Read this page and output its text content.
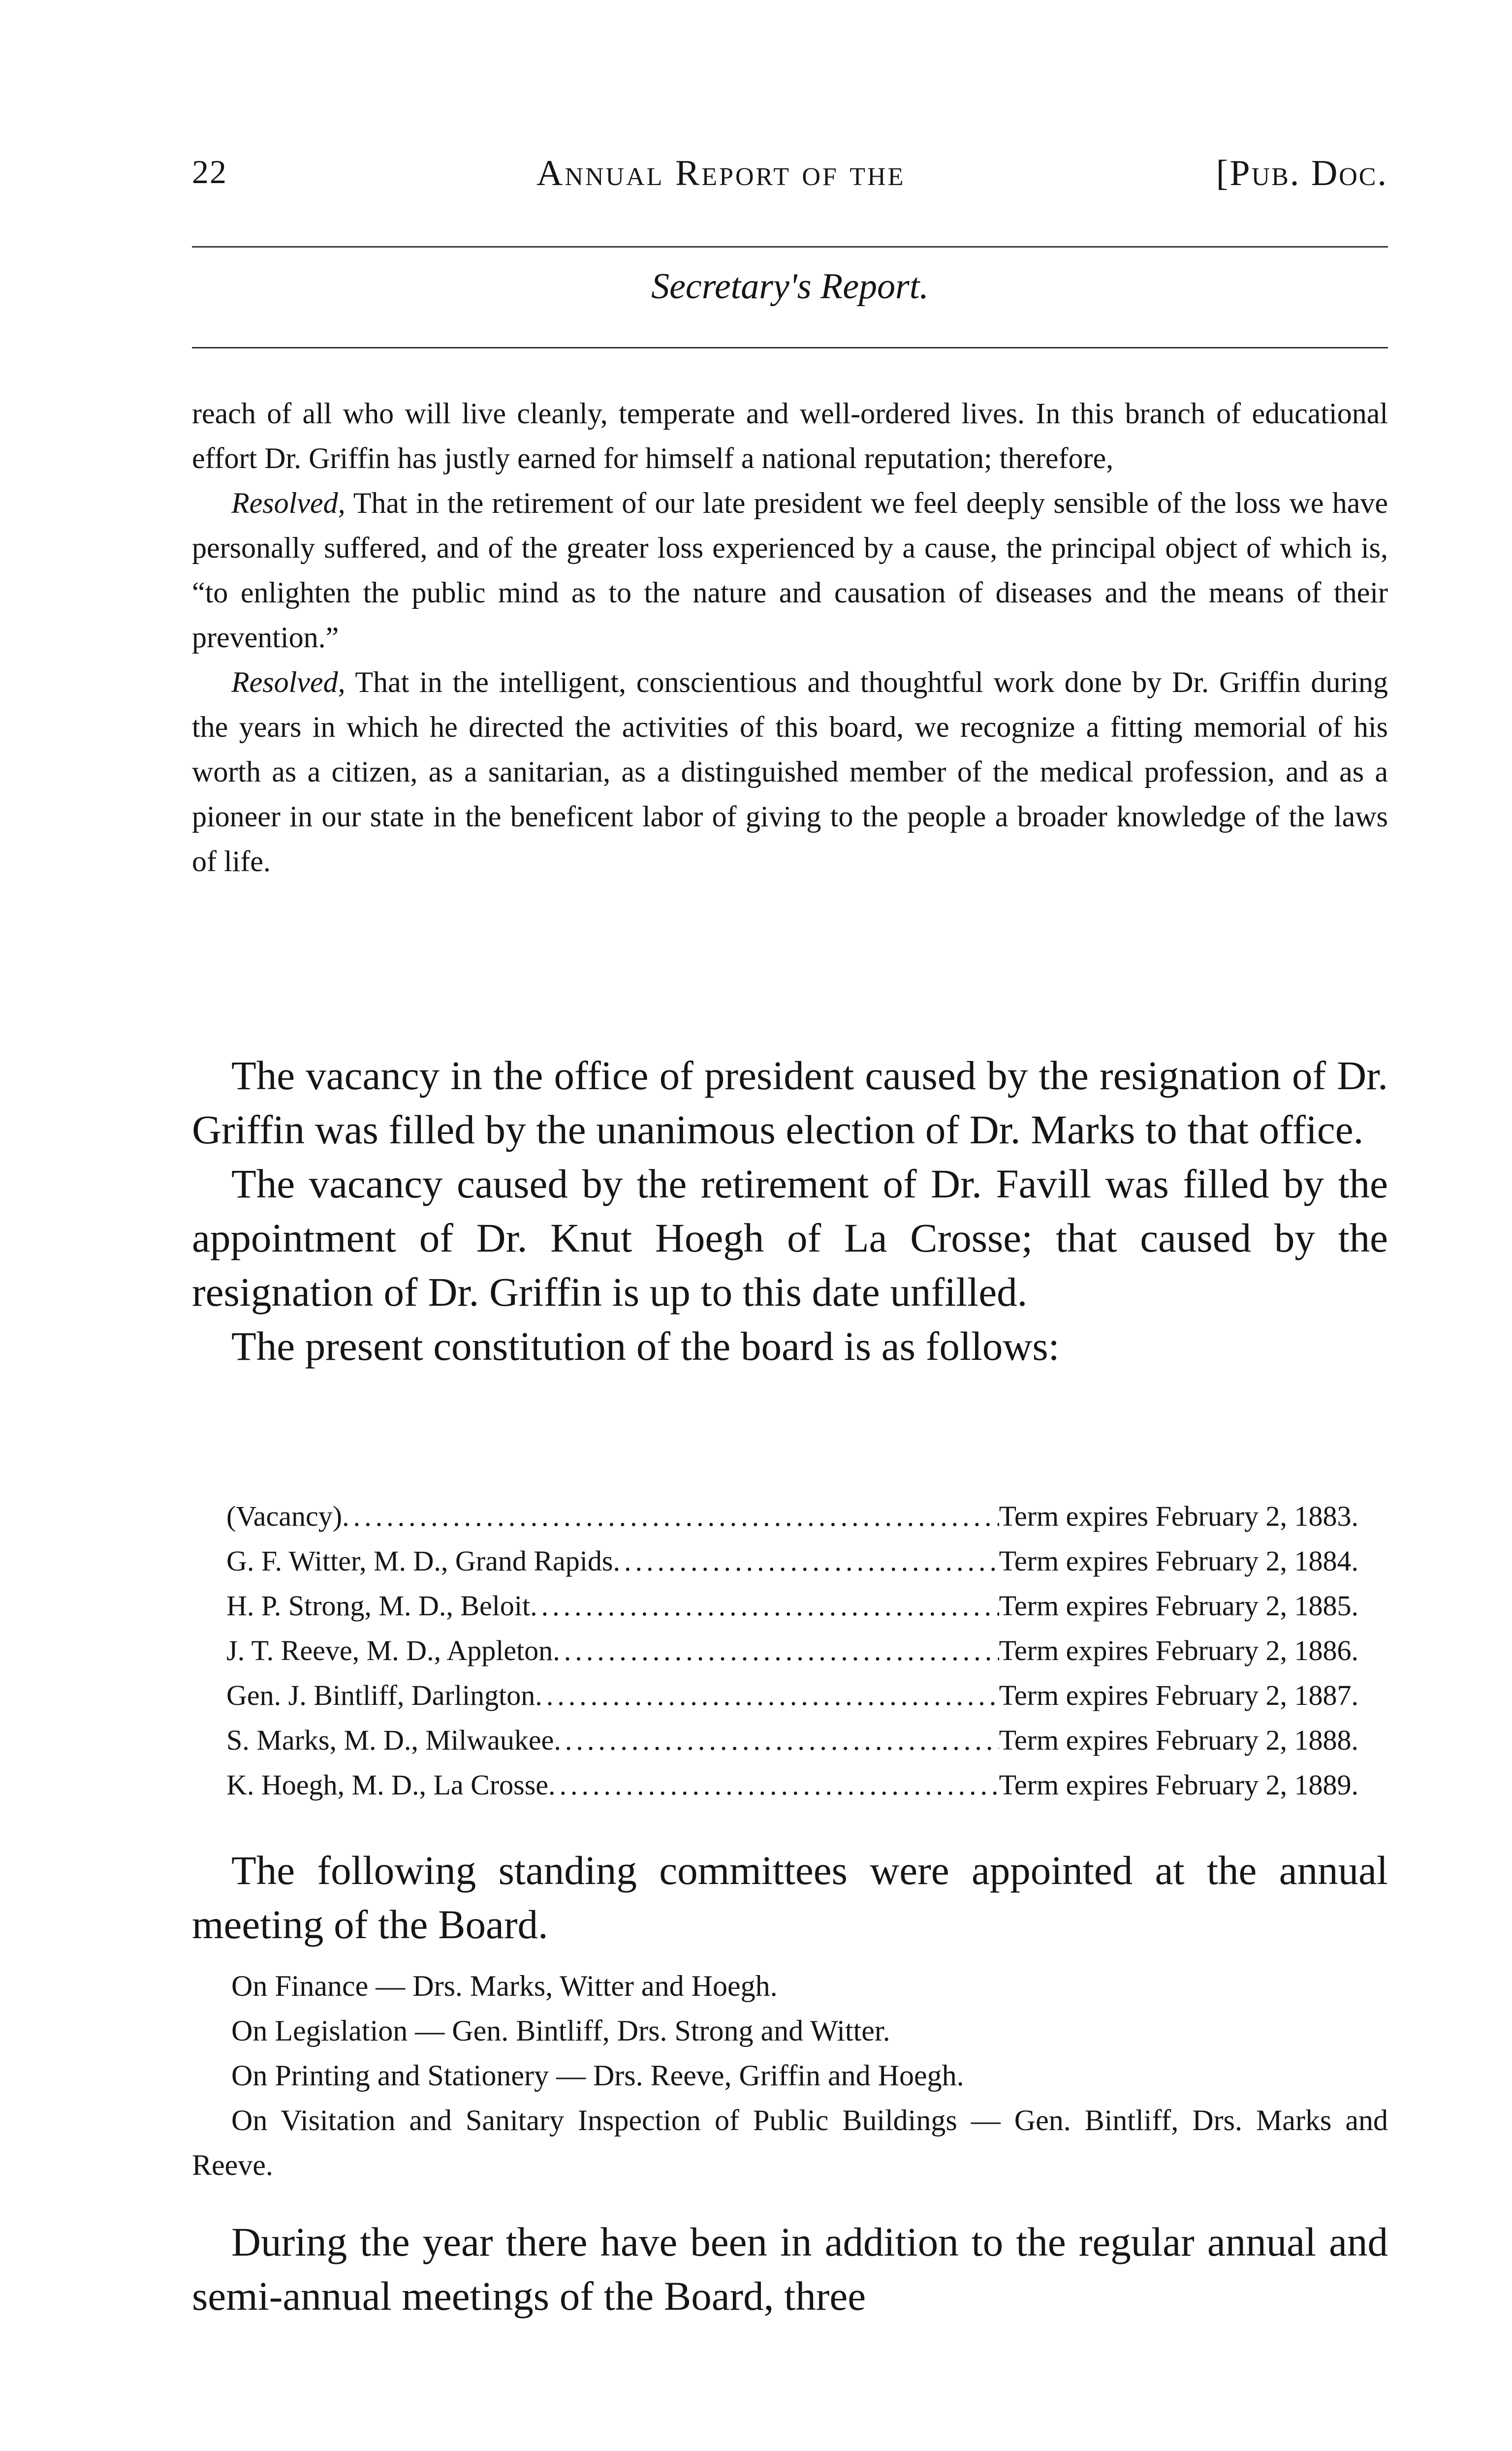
22	Annual Report of the	[Pub. Doc.
Secretary's Report.

reach of all who will live cleanly, temperate and well-ordered lives. In this branch of educational effort Dr. Griffin has justly earned for himself a national reputation; therefore,

Resolved, That in the retirement of our late president we feel deeply sensible of the loss we have personally suffered, and of the greater loss experienced by a cause, the principal object of which is, “to enlighten the public mind as to the nature and causation of diseases and the means of their prevention.”

Resolved, That in the intelligent, conscientious and thoughtful work done by Dr. Griffin during the years in which he directed the activities of this board, we recognize a fitting memorial of his worth as a citizen, as a sanitarian, as a distinguished member of the medical profession, and as a pioneer in our state in the beneficent labor of giving to the people a broader knowledge of the laws of life.

The vacancy in the office of president caused by the resignation of Dr. Griffin was filled by the unanimous election of Dr. Marks to that office.

The vacancy caused by the retirement of Dr. Favill was filled by the appointment of Dr. Knut Hoegh of La Crosse; that caused by the resignation of Dr. Griffin is up to this date unfilled.

The present constitution of the board is as follows:

(Vacancy) .....	Term expires February 2, 1883.
G. F. Witter, M. D., Grand Rapids .....	Term expires February 2, 1884.
H. P. Strong, M. D., Beloit .....	Term expires February 2, 1885.
J. T. Reeve, M. D., Appleton .....	Term expires February 2, 1886.
Gen. J. Bintliff, Darlington .....	Term expires February 2, 1887.
S. Marks, M. D., Milwaukee .....	Term expires February 2, 1888.
K. Hoegh, M. D., La Crosse .....	Term expires February 2, 1889.

The following standing committees were appointed at the annual meeting of the Board.

On Finance — Drs. Marks, Witter and Hoegh.

On Legislation — Gen. Bintliff, Drs. Strong and Witter.

On Printing and Stationery — Drs. Reeve, Griffin and Hoegh.

On Visitation and Sanitary Inspection of Public Buildings — Gen. Bintliff, Drs. Marks and Reeve.

During the year there have been in addition to the regular annual and semi-annual meetings of the Board, three
